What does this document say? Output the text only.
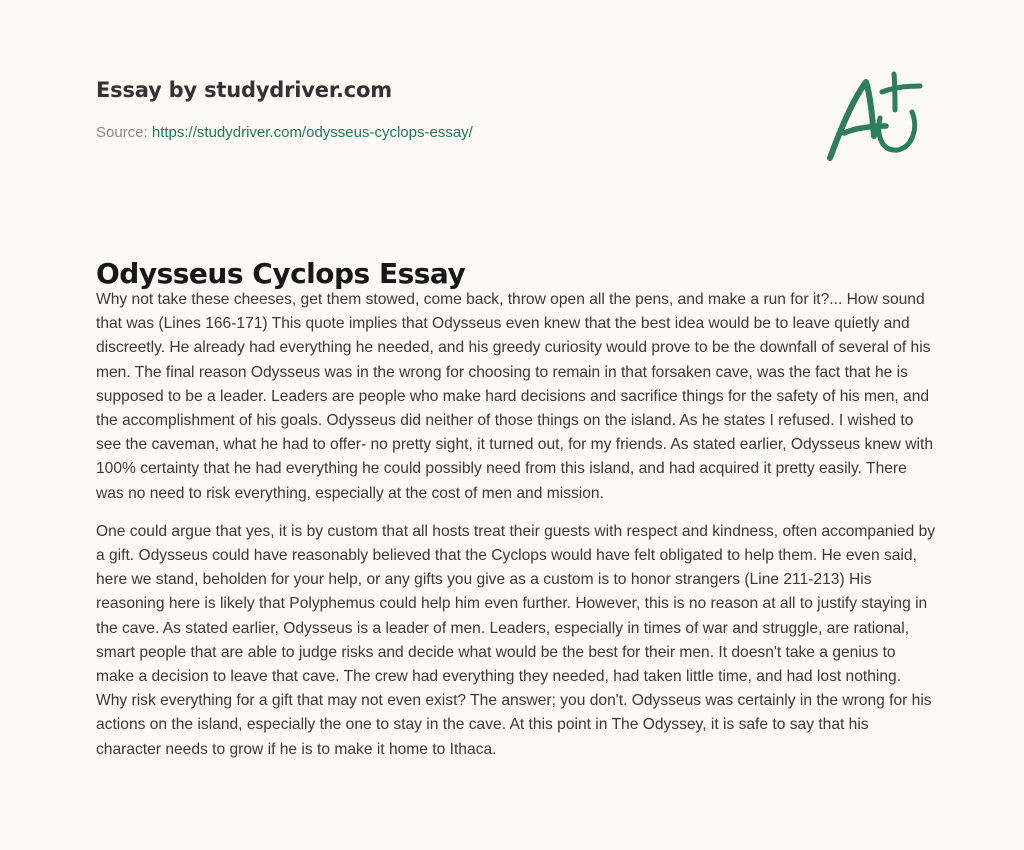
Essay by studydriver.com
Source: https://studydriver.com/odysseus-cyclops-essay/
Odysseus Cyclops Essay

Why not take these cheeses, get them stowed, come back, throw open all the pens, and make a run for it?... How sound that was (Lines 166-171) This quote implies that Odysseus even knew that the best idea would be to leave quietly and discreetly. He already had everything he needed, and his greedy curiosity would prove to be the downfall of several of his men. The final reason Odysseus was in the wrong for choosing to remain in that forsaken cave, was the fact that he is supposed to be a leader. Leaders are people who make hard decisions and sacrifice things for the safety of his men, and the accomplishment of his goals. Odysseus did neither of those things on the island. As he states I refused. I wished to see the caveman, what he had to offer- no pretty sight, it turned out, for my friends. As stated earlier, Odysseus knew with 100% certainty that he had everything he could possibly need from this island, and had acquired it pretty easily. There was no need to risk everything, especially at the cost of men and mission.

One could argue that yes, it is by custom that all hosts treat their guests with respect and kindness, often accompanied by a gift. Odysseus could have reasonably believed that the Cyclops would have felt obligated to help them. He even said, here we stand, beholden for your help, or any gifts you give as a custom is to honor strangers (Line 211-213) His reasoning here is likely that Polyphemus could help him even further. However, this is no reason at all to justify staying in the cave. As stated earlier, Odysseus is a leader of men. Leaders, especially in times of war and struggle, are rational, smart people that are able to judge risks and decide what would be the best for their men. It doesn't take a genius to make a decision to leave that cave. The crew had everything they needed, had taken little time, and had lost nothing. Why risk everything for a gift that may not even exist? The answer; you don't. Odysseus was certainly in the wrong for his actions on the island, especially the one to stay in the cave. At this point in The Odyssey, it is safe to say that his character needs to grow if he is to make it home to Ithaca.
